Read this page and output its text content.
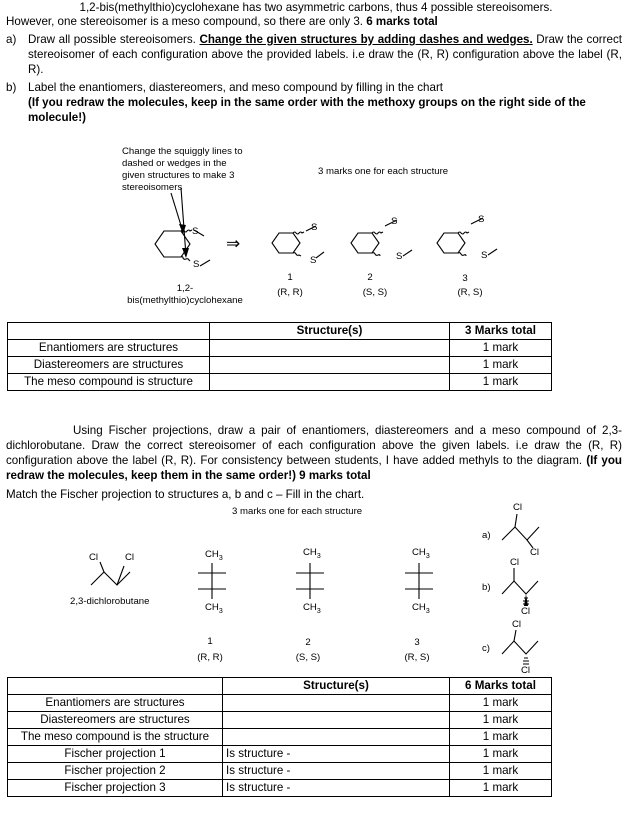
1,2-bis(methylthio)cyclohexane has two asymmetric carbons, thus 4 possible stereoisomers.
However, one stereoisomer is a meso compound, so there are only 3. 6 marks total
a) Draw all possible stereoisomers. Change the given structures by adding dashes and wedges. Draw the correct stereoisomer of each configuration above the provided labels. i.e draw the (R, R) configuration above the label (R, R).
b) Label the enantiomers, diastereomers, and meso compound by filling in the chart
(If you redraw the molecules, keep in the same order with the methoxy groups on the right side of the molecule!)
Change the squiggly lines to dashed or wedges in the given structures to make 3 stereoisomers
3 marks one for each structure
S
S
⇒
1,2-bis(methylthio)cyclohexane
S
S
S
S
S
S
1
(R, R)
2
(S, S)
3
(R, S)
	Structure(s)	3 Marks total
Enantiomers are structures		1 mark
Diastereomers are structures		1 mark
The meso compound is structure		1 mark
Using Fischer projections, draw a pair of enantiomers, diastereomers and a meso compound of 2,3-dichlorobutane. Draw the correct stereoisomer of each configuration above the given labels. i.e draw the (R, R) configuration above the label (R, R). For consistency between students, I have added methyls to the diagram. (If you redraw the molecules, keep them in the same order!) 9 marks total
Match the Fischer projection to structures a, b and c – Fill in the chart.
3 marks one for each structure
Cl	Cl
2,3-dichlorobutane
$CH_3$
$CH_3$
$CH_3$
$CH_3$
$CH_3$
$CH_3$
1
(R, R)
2
(S, S)
3
(R, S)
a)
b)
c)
Cl
Cl
Cl
Cl
Cl
Cl
	Structure(s)	6 Marks total
Enantiomers are structures		1 mark
Diastereomers are structures		1 mark
The meso compound is the structure		1 mark
Fischer projection 1	Is structure -	1 mark
Fischer projection 2	Is structure -	1 mark
Fischer projection 3	Is structure -	1 mark
